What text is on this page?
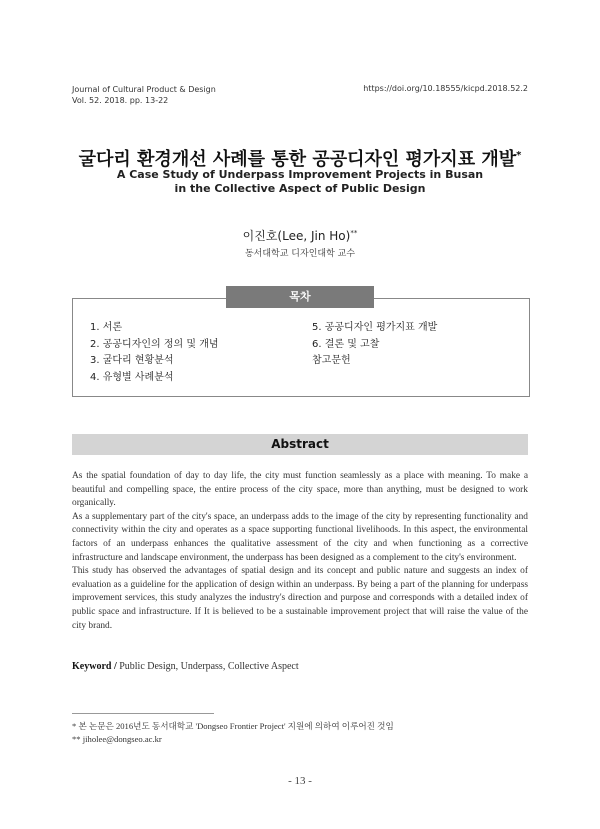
Journal of Cultural Product & Design
Vol. 52. 2018. pp. 13-22
https://doi.org/10.18555/kicpd.2018.52.2
굴다리 환경개선 사례를 통한 공공디자인 평가지표 개발*
A Case Study of Underpass Improvement Projects in Busan
in the Collective Aspect of Public Design
이진호(Lee, Jin Ho)**
동서대학교 디자인대학 교수
목차
1. 서론
2. 공공디자인의 정의 및 개념
3. 굴다리 현황분석
4. 유형별 사례분석
5. 공공디자인 평가지표 개발
6. 결론 및 고찰
참고문헌
Abstract

As the spatial foundation of day to day life, the city must function seamlessly as a place with meaning. To make a beautiful and compelling space, the entire process of the city space, more than anything, must be designed to work organically.

As a supplementary part of the city's space, an underpass adds to the image of the city by representing functionality and connectivity within the city and operates as a space supporting functional livelihoods. In this aspect, the environmental factors of an underpass enhances the qualitative assessment of the city and when functioning as a corrective infrastructure and landscape environment, the underpass has been designed as a complement to the city's environment.

This study has observed the advantages of spatial design and its concept and public nature and suggests an index of evaluation as a guideline for the application of design within an underpass. By being a part of the planning for underpass improvement services, this study analyzes the industry's direction and purpose and corresponds with a detailed index of public space and infrastructure. If It is believed to be a sustainable improvement project that will raise the value of the city brand.

Keyword / Public Design, Underpass, Collective Aspect
* 본 논문은 2016년도 동서대학교 'Dongseo Frontier Project' 지원에 의하여 이루어진 것임
** jiholee@dongseo.ac.kr
- 13 -
